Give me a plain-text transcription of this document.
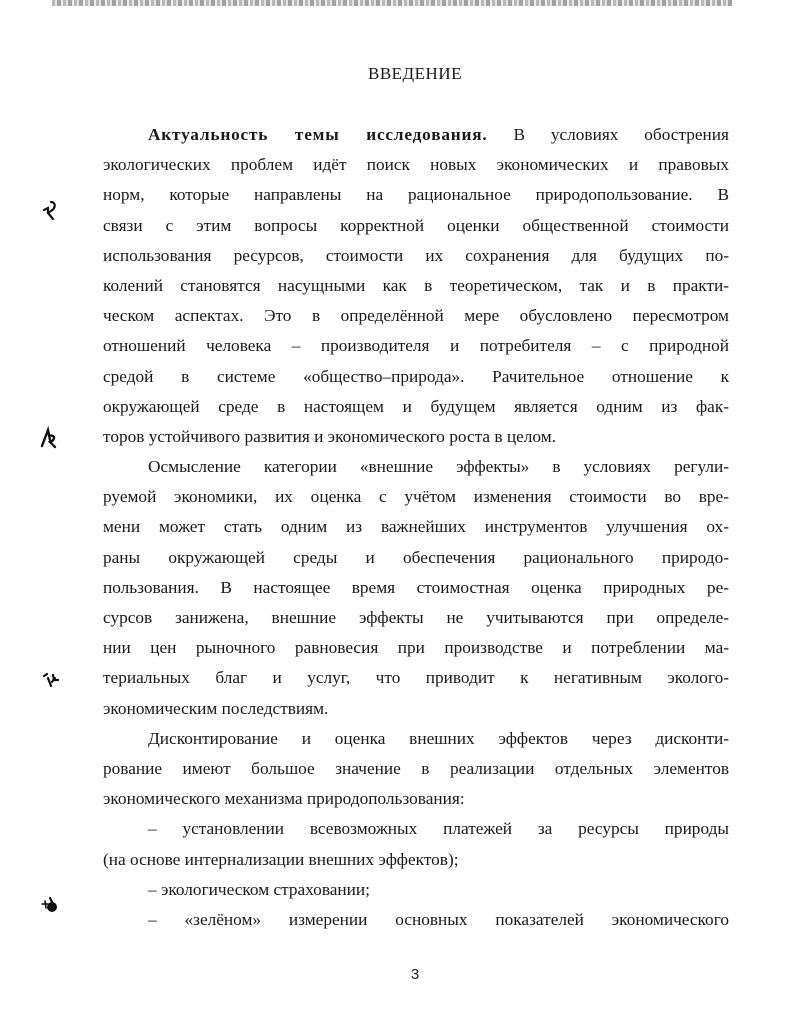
ВВЕДЕНИЕ
Актуальность темы исследования. В условиях обострения
экологических проблем идёт поиск новых экономических и правовых
норм, которые направлены на рациональное природопользование. В
связи с этим вопросы корректной оценки общественной стоимости
использования ресурсов, стоимости их сохранения для будущих по-
колений становятся насущными как в теоретическом, так и в практи-
ческом аспектах. Это в определённой мере обусловлено пересмотром
отношений человека – производителя и потребителя – с природной
средой в системе «общество–природа». Рачительное отношение к
окружающей среде в настоящем и будущем является одним из фак-
торов устойчивого развития и экономического роста в целом.
Осмысление категории «внешние эффекты» в условиях регули-
руемой экономики, их оценка с учётом изменения стоимости во вре-
мени может стать одним из важнейших инструментов улучшения ох-
раны окружающей среды и обеспечения рационального природо-
пользования. В настоящее время стоимостная оценка природных ре-
сурсов занижена, внешние эффекты не учитываются при определе-
нии цен рыночного равновесия при производстве и потреблении ма-
териальных благ и услуг, что приводит к негативным эколого-
экономическим последствиям.
Дисконтирование и оценка внешних эффектов через дисконти-
рование имеют большое значение в реализации отдельных элементов
экономического механизма природопользования:
– установлении всевозможных платежей за ресурсы природы
(на основе интернализации внешних эффектов);
– экологическом страховании;
– «зелёном» измерении основных показателей экономического
3
